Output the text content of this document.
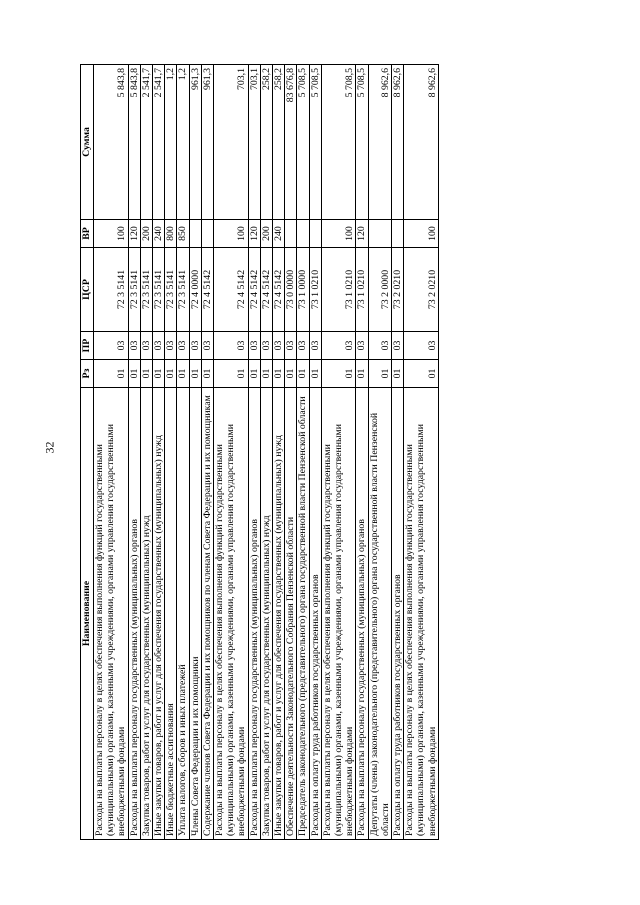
32
Наименование	Рз	ПР	ЦСР	ВР	Сумма
Расходы на выплаты персоналу в целях обеспечения выполнения функций государственными (муниципальными) органами, казенными учреждениями, органами управления государственными внебюджетными фондами	01	03	72 3 5141	100	5 843,8
Расходы на выплаты персоналу государственных (муниципальных) органов	01	03	72 3 5141	120	5 843,8
Закупка товаров, работ и услуг для государственных (муниципальных) нужд	01	03	72 3 5141	200	2 541,7
Иные закупки товаров, работ и услуг для обеспечения государственных (муниципальных) нужд	01	03	72 3 5141	240	2 541,7
Иные бюджетные ассигнования	01	03	72 3 5141	800	1,2
Уплата налогов, сборов и иных платежей	01	03	72 3 5141	850	1,2
Члены Совета Федерации и их помощники	01	03	72 4 0000		961,3
Содержание членов Совета Федерации и их помощников по членам Совета Федерации и их помощникам	01	03	72 4 5142		961,3
Расходы на выплаты персоналу в целях обеспечения выполнения функций государственными (муниципальными) органами, казенными учреждениями, органами управления государственными внебюджетными фондами	01	03	72 4 5142	100	703,1
Расходы на выплаты персоналу государственных (муниципальных) органов	01	03	72 4 5142	120	703,1
Закупка товаров, работ и услуг для государственных (муниципальных) нужд	01	03	72 4 5142	200	258,2
Иные закупки товаров, работ и услуг для обеспечения государственных (муниципальных) нужд	01	03	72 4 5142	240	258,2
Обеспечение деятельности Законодательного Собрания Пензенской области	01	03	73 0 0000		83 676,8
Председатель законодательного (представительного) органа государственной власти Пензенской области	01	03	73 1 0000		5 708,5
Расходы на оплату труда работников государственных органов	01	03	73 1 0210		5 708,5
Расходы на выплаты персоналу в целях обеспечения выполнения функций государственными (муниципальными) органами, казенными учреждениями, органами управления государственными внебюджетными фондами	01	03	73 1 0210	100	5 708,5
Расходы на выплаты персоналу государственных (муниципальных) органов	01	03	73 1 0210	120	5 708,5
Депутаты (члены) законодательного (представительного) органа государственной власти Пензенской области	01	03	73 2 0000		8 962,6
Расходы на оплату труда работников государственных органов	01	03	73 2 0210		8 962,6
Расходы на выплаты персоналу в целях обеспечения выполнения функций государственными (муниципальными) органами, казенными учреждениями, органами управления государственными внебюджетными фондами	01	03	73 2 0210	100	8 962,6
